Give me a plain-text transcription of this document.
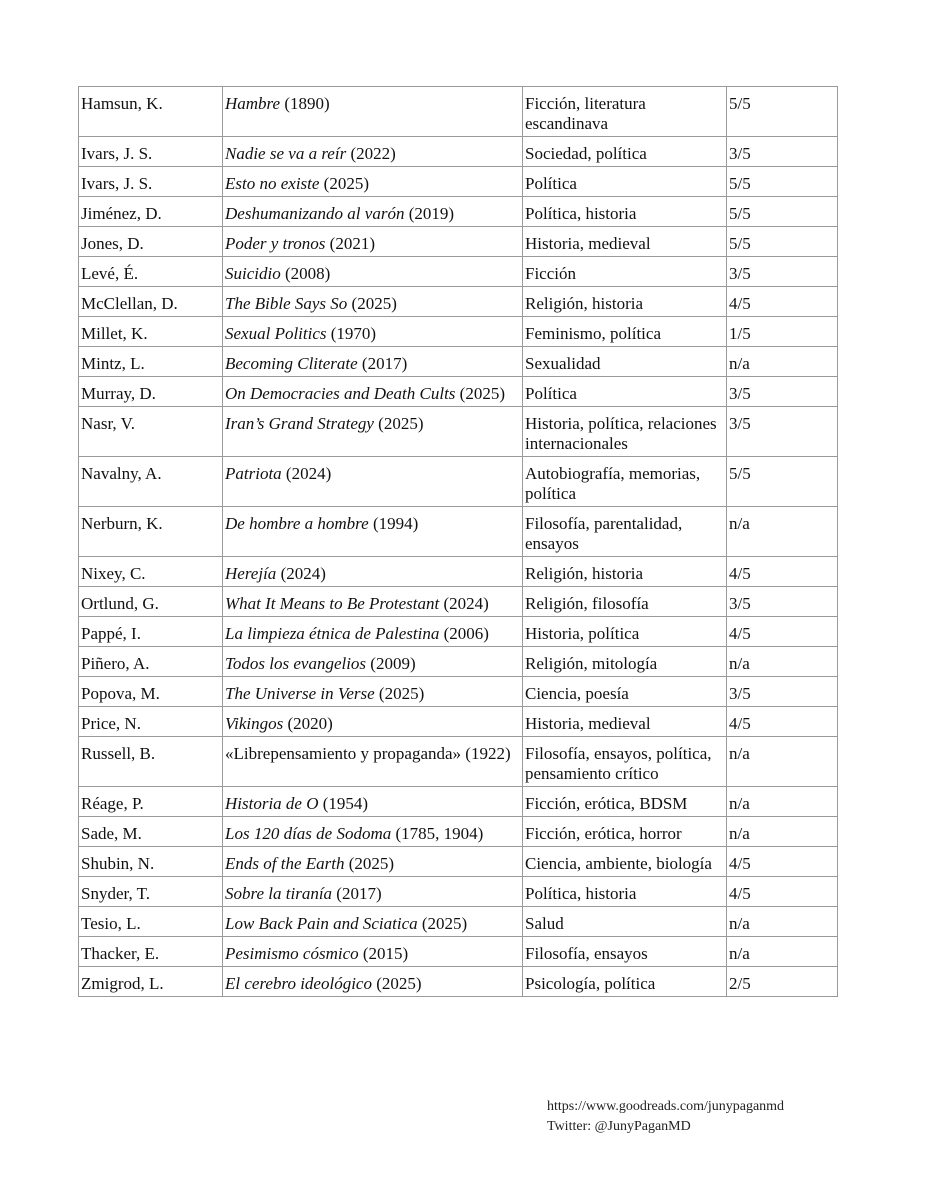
Hamsun, K.	Hambre (1890)	Ficción, literatura escandinava	5/5
Ivars, J. S.	Nadie se va a reír (2022)	Sociedad, política	3/5
Ivars, J. S.	Esto no existe (2025)	Política	5/5
Jiménez, D.	Deshumanizando al varón (2019)	Política, historia	5/5
Jones, D.	Poder y tronos (2021)	Historia, medieval	5/5
Levé, É.	Suicidio (2008)	Ficción	3/5
McClellan, D.	The Bible Says So (2025)	Religión, historia	4/5
Millet, K.	Sexual Politics (1970)	Feminismo, política	1/5
Mintz, L.	Becoming Cliterate (2017)	Sexualidad	n/a
Murray, D.	On Democracies and Death Cults (2025)	Política	3/5
Nasr, V.	Iran’s Grand Strategy (2025)	Historia, política, relaciones internacionales	3/5
Navalny, A.	Patriota (2024)	Autobiografía, memorias, política	5/5
Nerburn, K.	De hombre a hombre (1994)	Filosofía, parentalidad, ensayos	n/a
Nixey, C.	Herejía (2024)	Religión, historia	4/5
Ortlund, G.	What It Means to Be Protestant (2024)	Religión, filosofía	3/5
Pappé, I.	La limpieza étnica de Palestina (2006)	Historia, política	4/5
Piñero, A.	Todos los evangelios (2009)	Religión, mitología	n/a
Popova, M.	The Universe in Verse (2025)	Ciencia, poesía	3/5
Price, N.	Vikingos (2020)	Historia, medieval	4/5
Russell, B.	«Librepensamiento y propaganda» (1922)	Filosofía, ensayos, política, pensamiento crítico	n/a
Réage, P.	Historia de O (1954)	Ficción, erótica, BDSM	n/a
Sade, M.	Los 120 días de Sodoma (1785, 1904)	Ficción, erótica, horror	n/a
Shubin, N.	Ends of the Earth (2025)	Ciencia, ambiente, biología	4/5
Snyder, T.	Sobre la tiranía (2017)	Política, historia	4/5
Tesio, L.	Low Back Pain and Sciatica (2025)	Salud	n/a
Thacker, E.	Pesimismo cósmico (2015)	Filosofía, ensayos	n/a
Zmigrod, L.	El cerebro ideológico (2025)	Psicología, política	2/5
https://www.goodreads.com/junypaganmd
Twitter: @JunyPaganMD
